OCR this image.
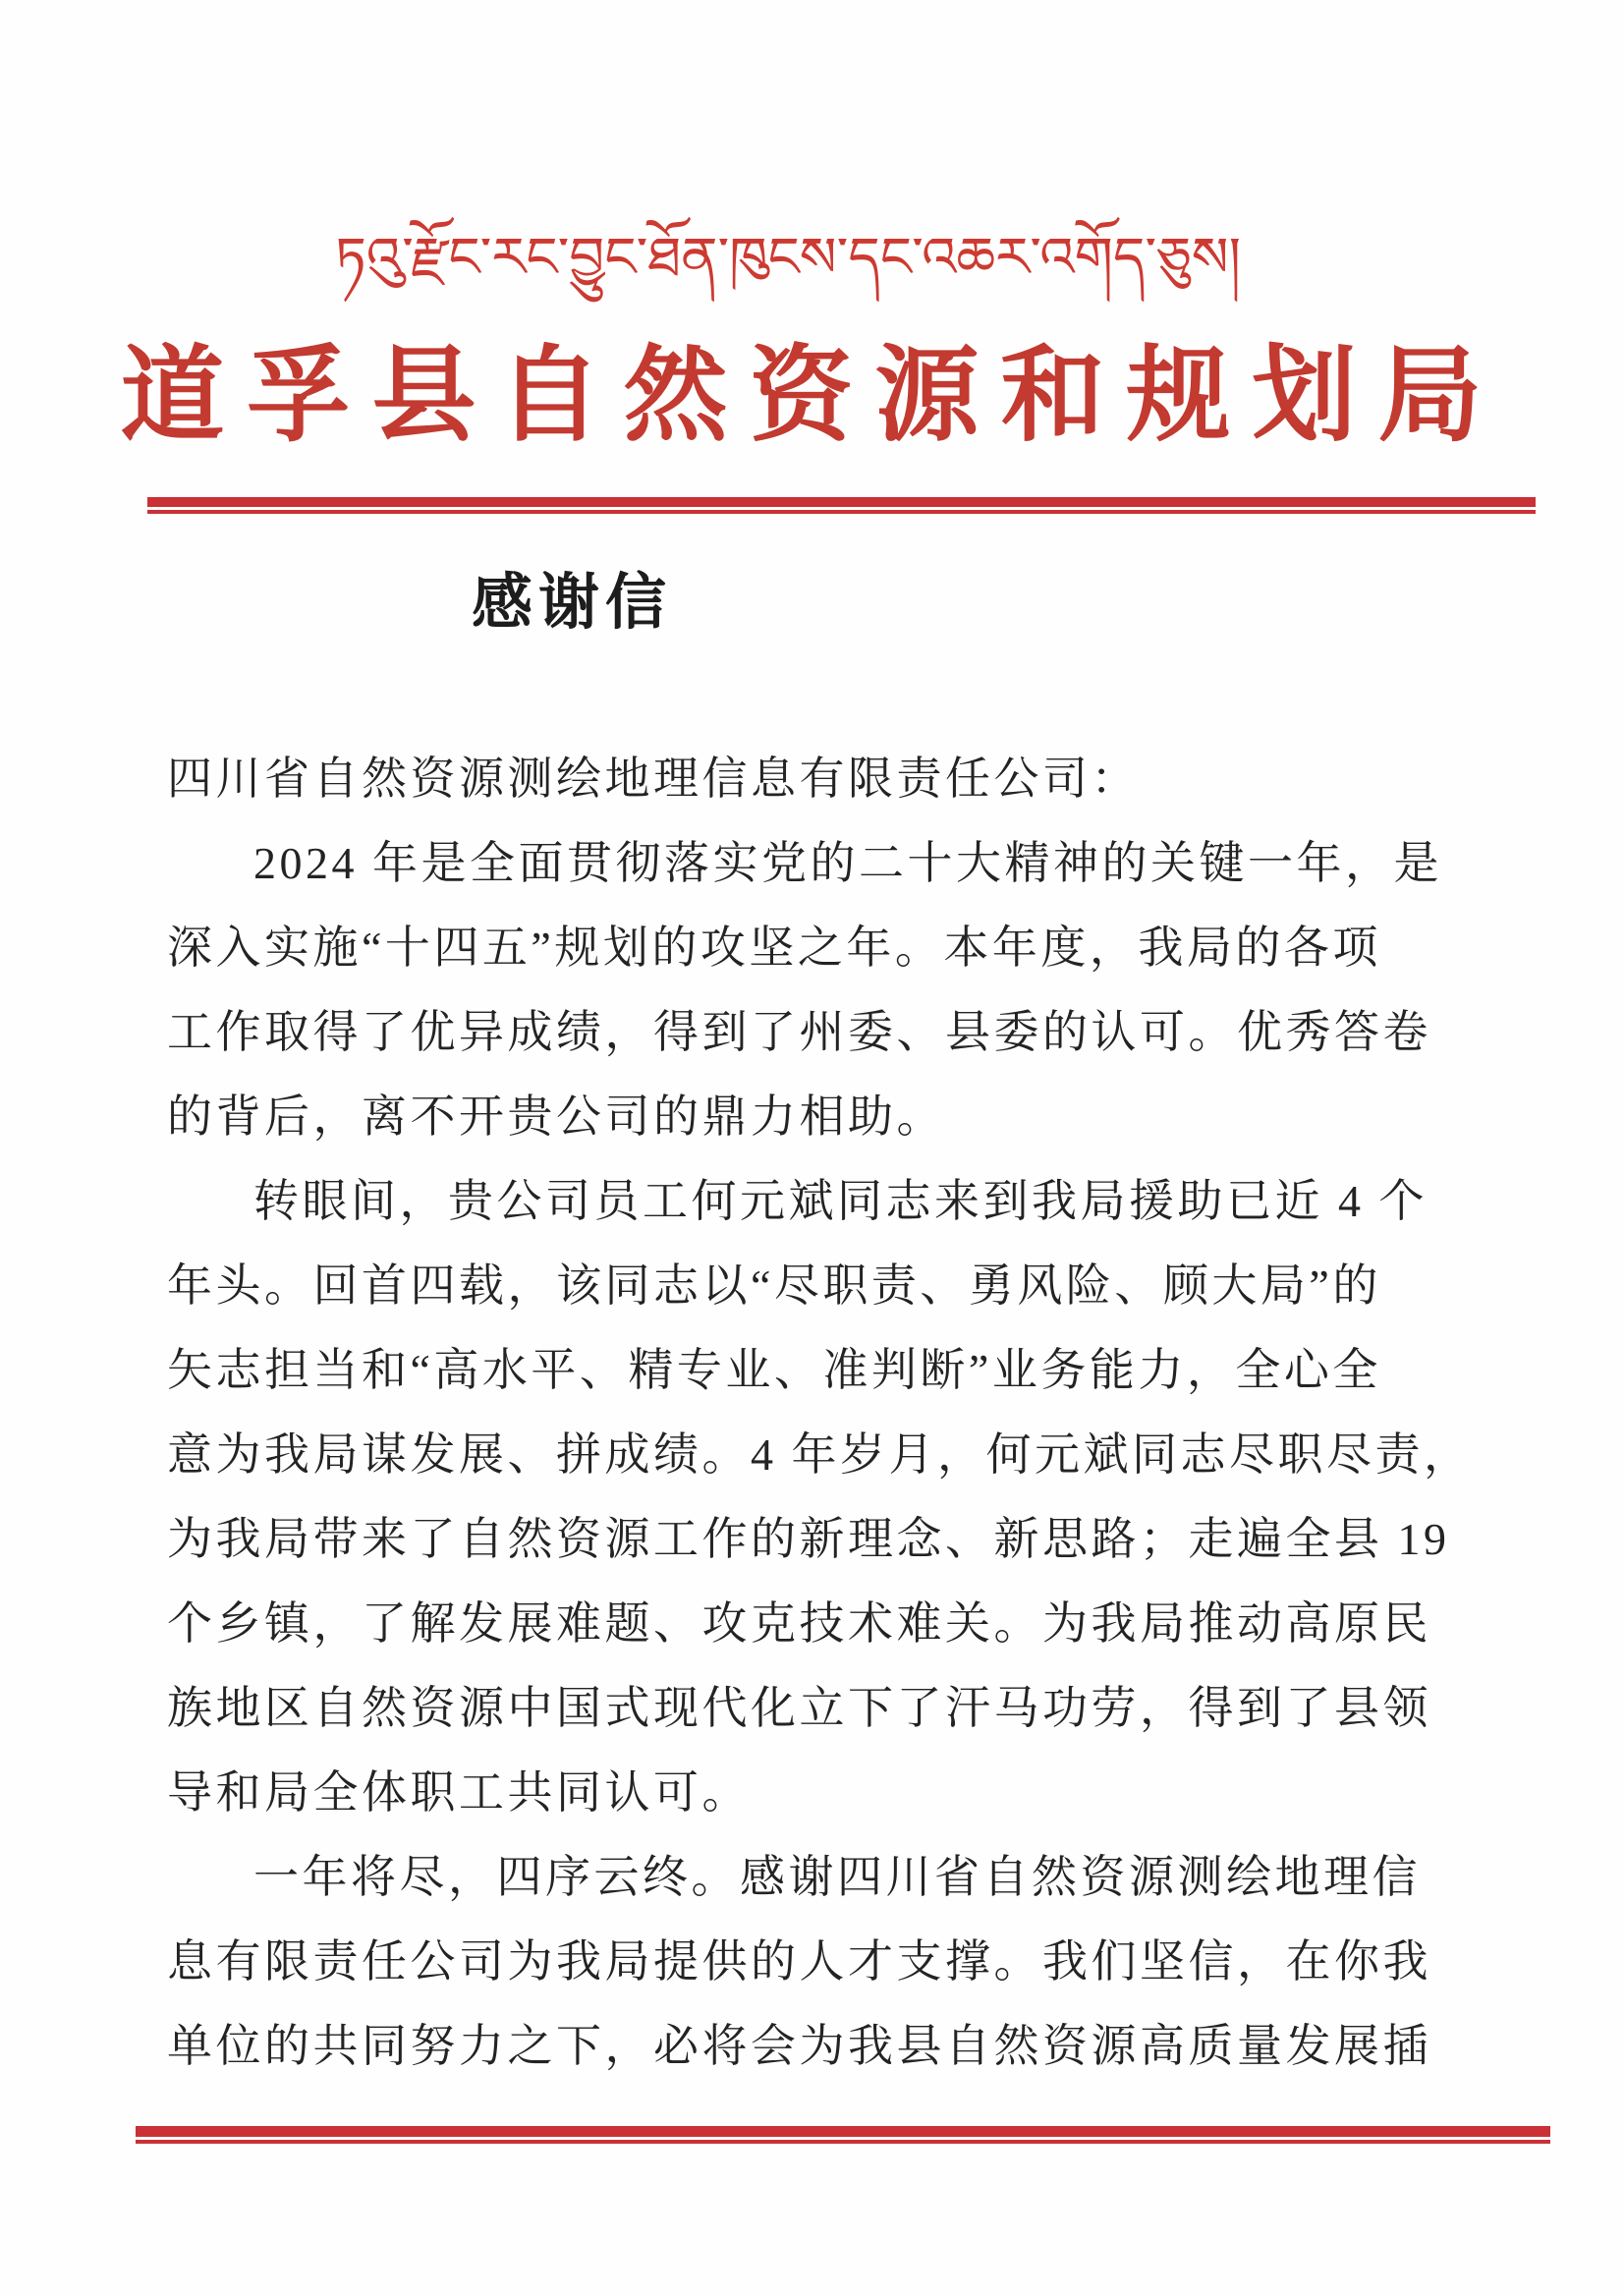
ཏའུ་རྫོང་རང་བྱུང་ཐོན་ཁུངས་དང་འཆར་འགོད་ཅུས།
道孚县自然资源和规划局
感谢信
四川省自然资源测绘地理信息有限责任公司：
2024 年是全面贯彻落实党的二十大精神的关键一年，是
深入实施“十四五”规划的攻坚之年。本年度，我局的各项
工作取得了优异成绩，得到了州委、县委的认可。优秀答卷
的背后，离不开贵公司的鼎力相助。
转眼间，贵公司员工何元斌同志来到我局援助已近 4 个
年头。回首四载，该同志以“尽职责、勇风险、顾大局”的
矢志担当和“高水平、精专业、准判断”业务能力，全心全
意为我局谋发展、拼成绩。4 年岁月，何元斌同志尽职尽责，
为我局带来了自然资源工作的新理念、新思路；走遍全县 19
个乡镇，了解发展难题、攻克技术难关。为我局推动高原民
族地区自然资源中国式现代化立下了汗马功劳，得到了县领
导和局全体职工共同认可。
一年将尽，四序云终。感谢四川省自然资源测绘地理信
息有限责任公司为我局提供的人才支撑。我们坚信，在你我
单位的共同努力之下，必将会为我县自然资源高质量发展插
